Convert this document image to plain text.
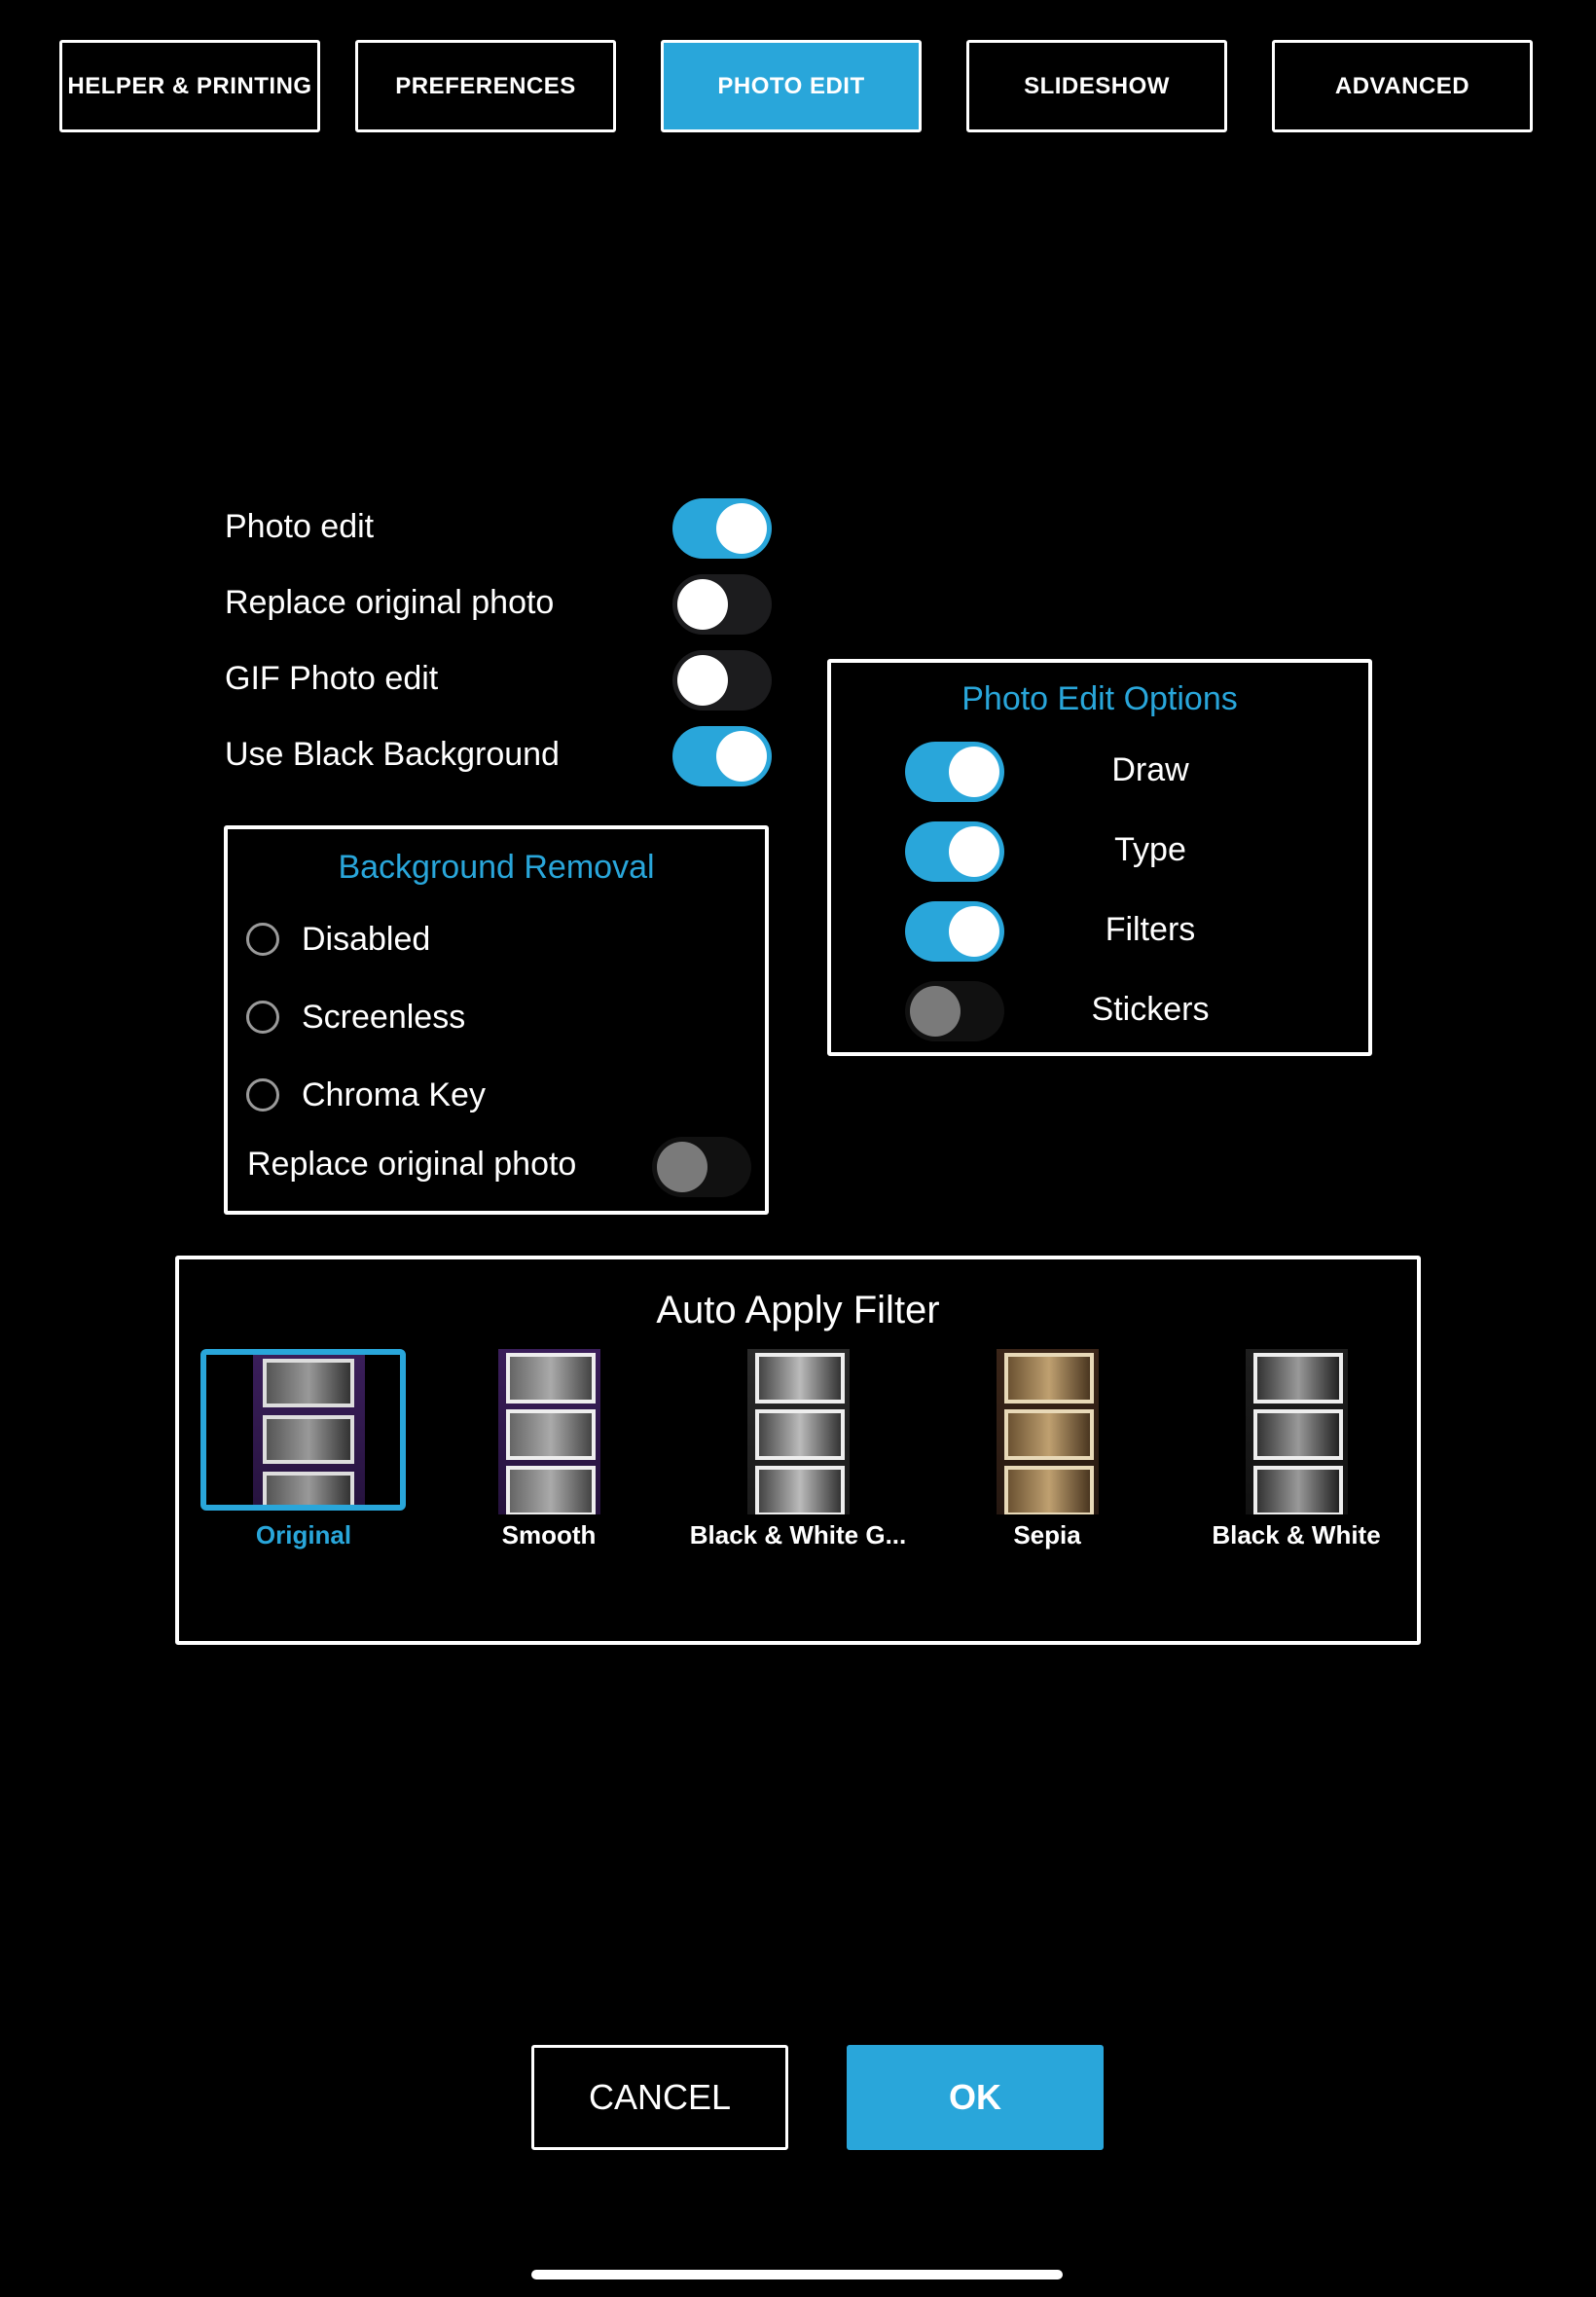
HELPER & PRINTING	PREFERENCES	PHOTO EDIT	SLIDESHOW	ADVANCED
Photo edit
Replace original photo
GIF Photo edit
Use Black Background
Background Removal
Disabled
Screenless
Chroma Key
Replace original photo
Photo Edit Options
Draw
Type
Filters
Stickers
Auto Apply Filter
Original	Smooth	Black & White G...	Sepia	Black & White
CANCEL	OK
